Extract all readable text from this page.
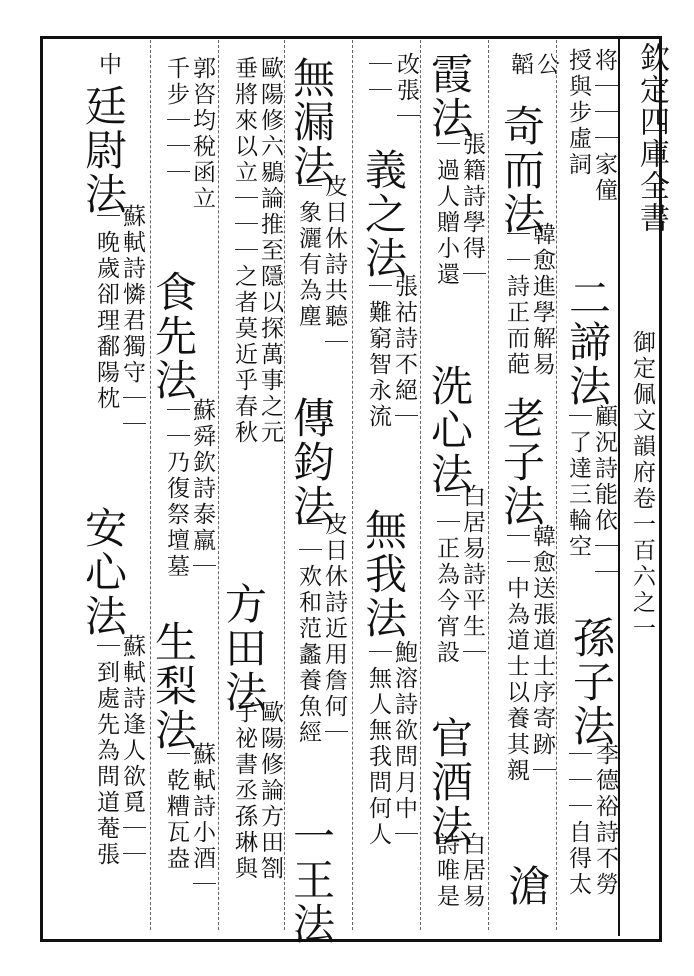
欽定四庫全書
御定佩文韻府卷一百六之一
将｜｜｜家僮
授與步虛詞
孫子法
李德裕詩不勞
｜｜｜自得太
二諦法
顧況詩能依｜｜
｜了達三輪空
公
韜
奇而法
韓愈進學解易
｜｜詩正而葩
老子法
韓愈送張道士序寄跡｜
｜｜中為道士以養其親
滄
霞法
張籍詩學得｜
｜過人贈小還
洗心法
白居易詩平生｜
｜｜正為今宵設
官酒法
白居易
詩唯是
改張｜
｜｜
義之法
張祜詩不絕｜
｜難窮智永流
無我法
鮑溶詩欲問月中｜
｜無人無我問何人
無漏法
皮日休詩共聽｜
｜象灑有為塵
傳鈞法
皮日休詩近用詹何｜
｜｜欢和范蠡養魚經
一王法
歐陽修六鶍論推至隱以探萬事之元
垂將來以立｜｜｜之者莫近乎春秋
方田法
歐陽修論方田劄
子祕書丞孫琳與
郭咨均稅函立
千步｜｜｜
食先法
蘇舜欽詩泰羸｜
｜｜乃復祭壇墓
生梨法
蘇軾詩小酒｜
｜乾糟瓦盎
中
廷尉法
蘇軾詩憐君獨守｜｜
｜晚歲卻理鄱陽枕
安心法
蘇軾詩逢人欲覓｜｜
｜到處先為問道菴張
